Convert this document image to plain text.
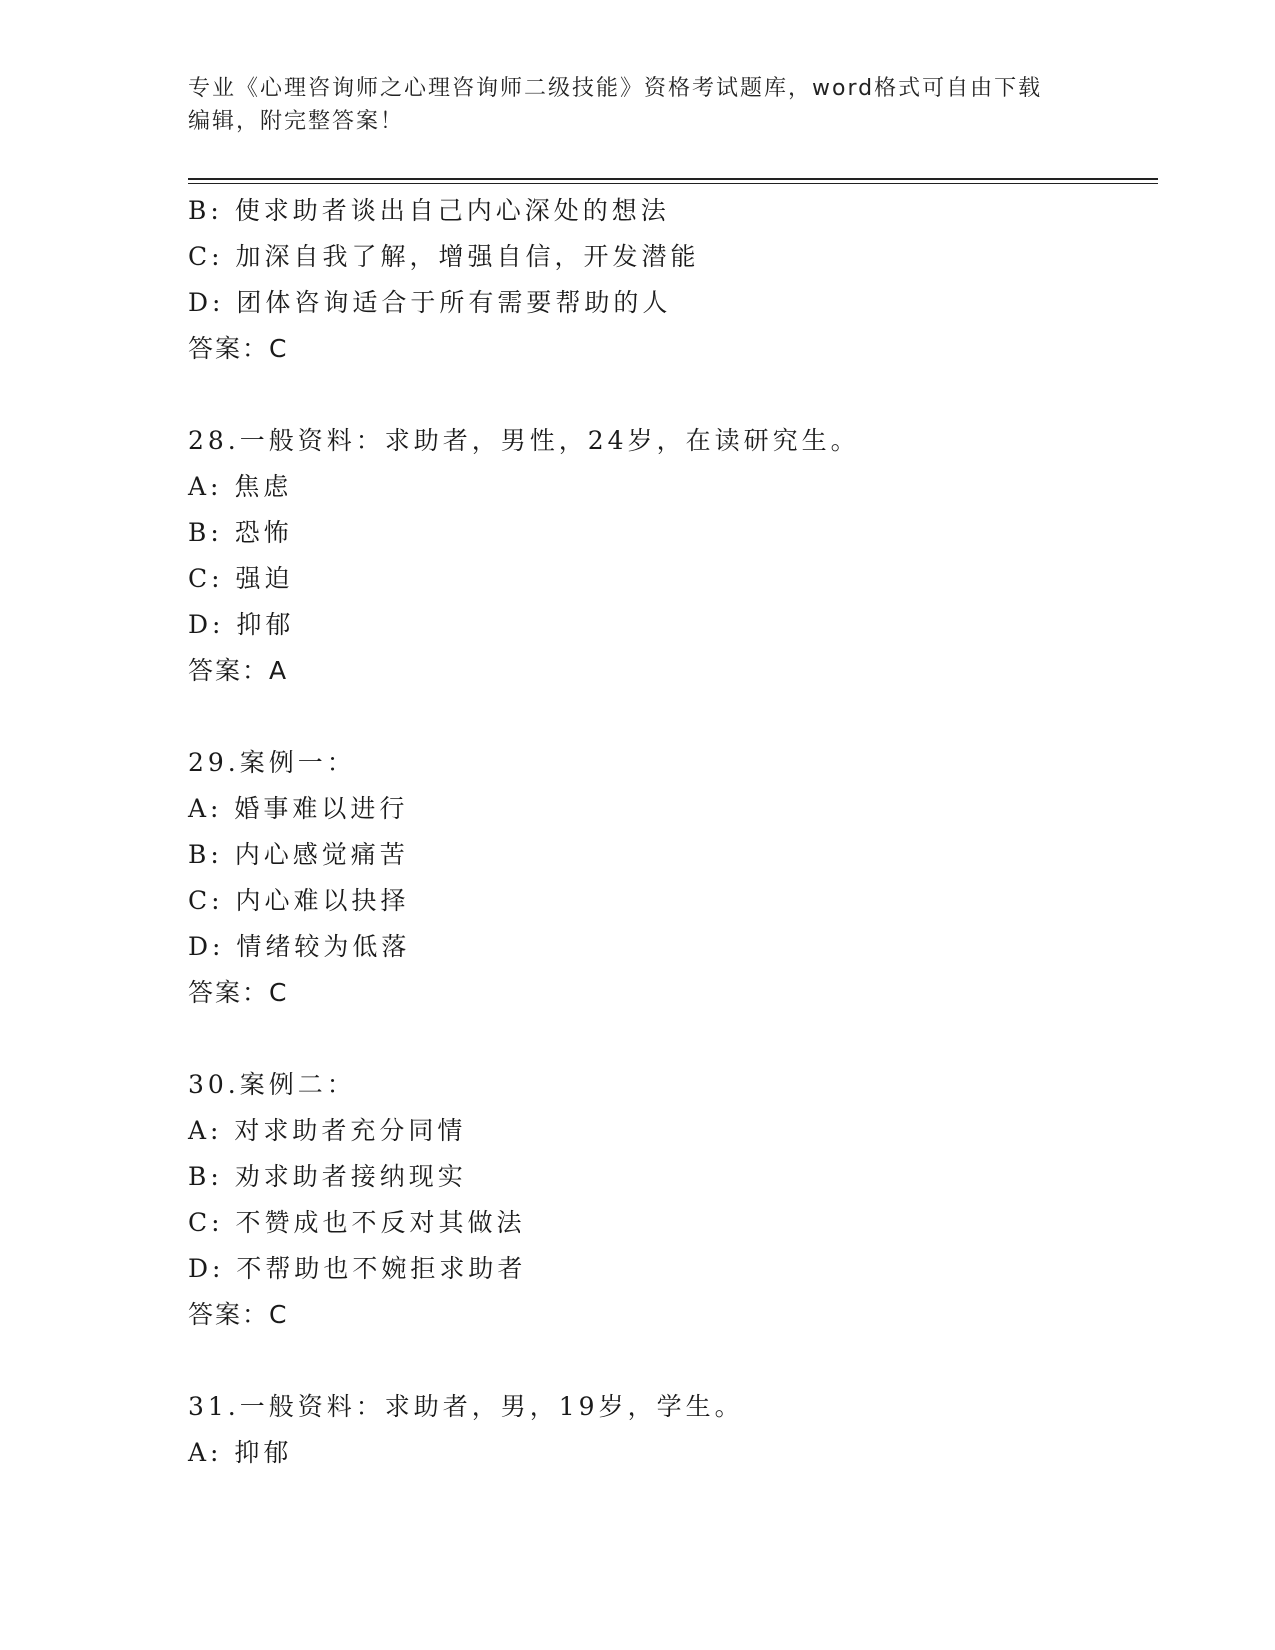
专业《心理咨询师之心理咨询师二级技能》资格考试题库，word格式可自由下载
编辑，附完整答案！
B: 使求助者谈出自己内心深处的想法
C: 加深自我了解，增强自信，开发潜能
D: 团体咨询适合于所有需要帮助的人
答案：C
28.一般资料：求助者，男性，24岁，在读研究生。
A: 焦虑
B: 恐怖
C: 强迫
D: 抑郁
答案：A
29.案例一：
A: 婚事难以进行
B: 内心感觉痛苦
C: 内心难以抉择
D: 情绪较为低落
答案：C
30.案例二：
A: 对求助者充分同情
B: 劝求助者接纳现实
C: 不赞成也不反对其做法
D: 不帮助也不婉拒求助者
答案：C
31.一般资料：求助者，男，19岁，学生。
A: 抑郁
